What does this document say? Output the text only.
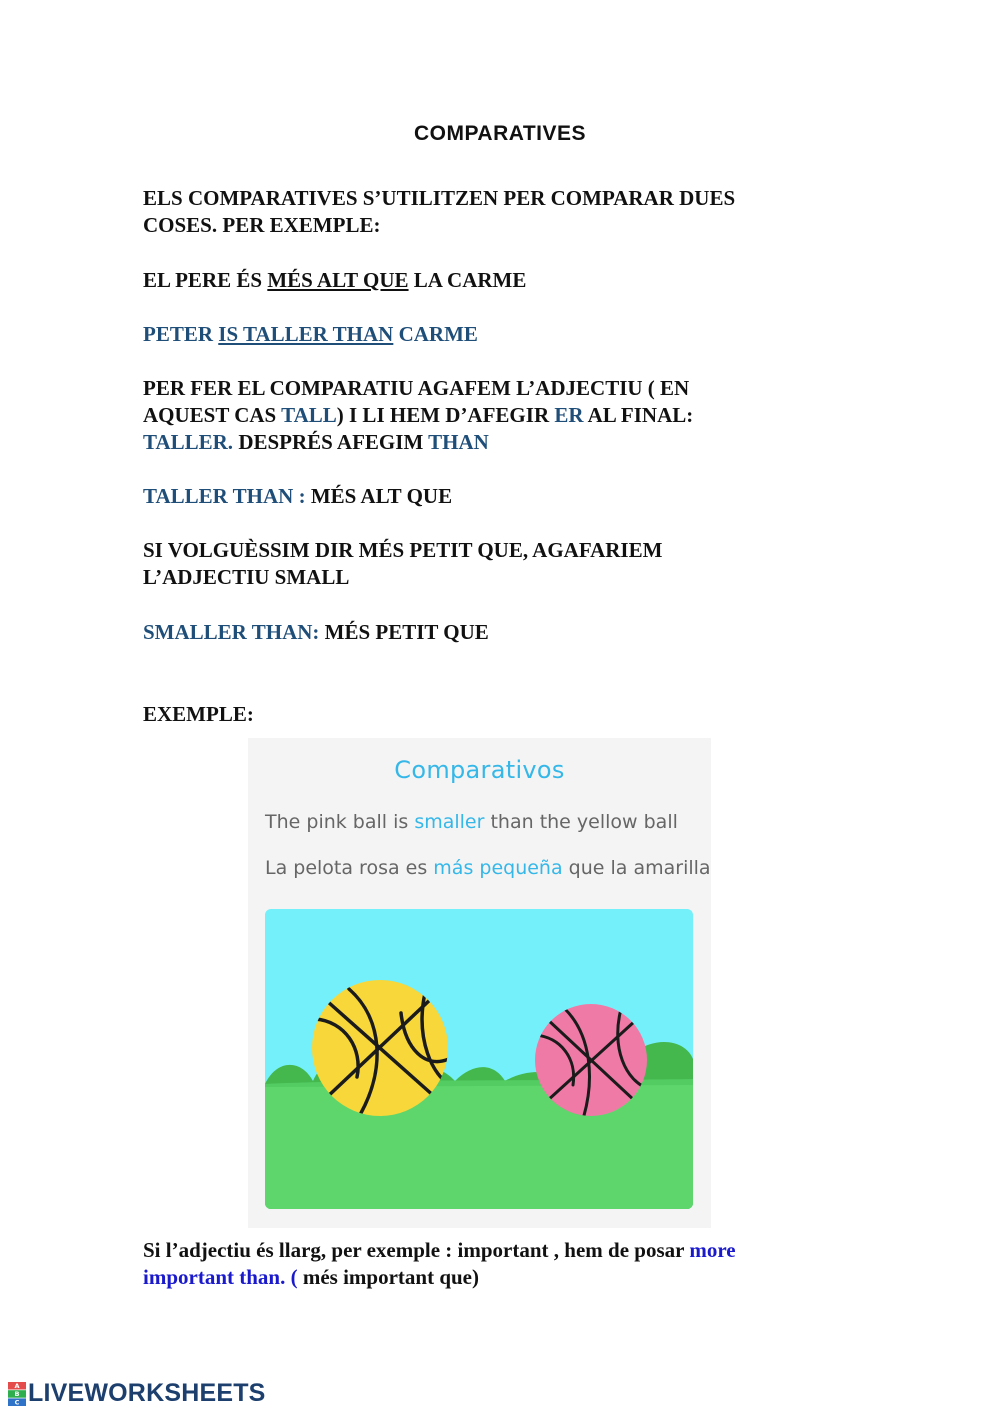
COMPARATIVES

ELS COMPARATIVES S’UTILITZEN PER COMPARAR DUES
COSES. PER EXEMPLE:

EL PERE ÉS MÉS ALT QUE LA CARME

PETER IS TALLER THAN CARME

PER FER EL COMPARATIU AGAFEM L’ADJECTIU ( EN
AQUEST CAS TALL) I LI HEM D’AFEGIR ER AL FINAL:
TALLER. DESPRÉS AFEGIM THAN

TALLER THAN : MÉS ALT QUE

SI VOLGUÈSSIM DIR MÉS PETIT QUE, AGAFARIEM
L’ADJECTIU SMALL

SMALLER THAN: MÉS PETIT QUE

EXEMPLE:

Comparativos
The pink ball is smaller than the yellow ball
La pelota rosa es más pequeña que la amarilla

Si l’adjectiu és llarg, per exemple : important , hem de posar more
important than. ( més important que)

A
B
C LIVEWORKSHEETS
